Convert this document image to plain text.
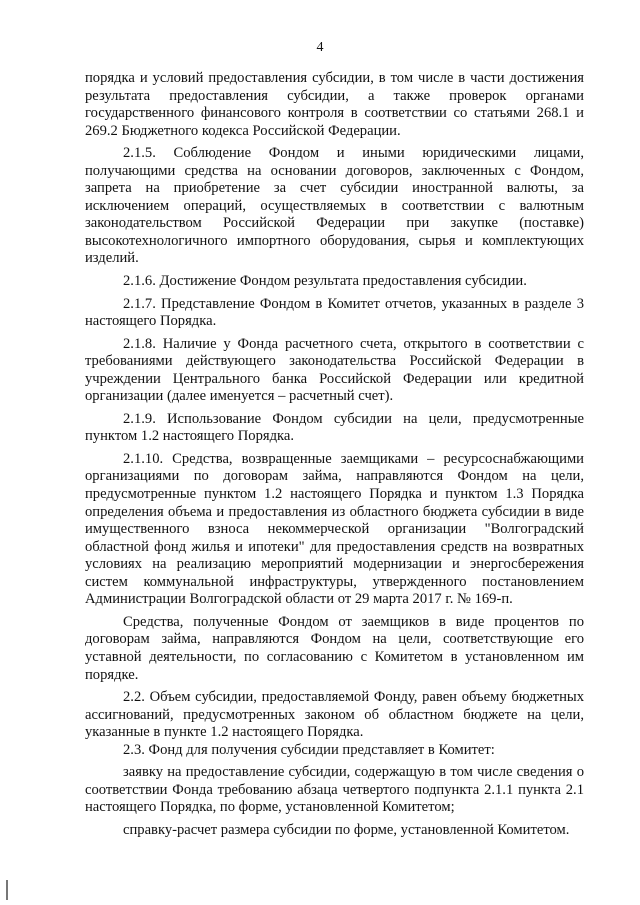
4

порядка и условий предоставления субсидии, в том числе в части достижения результата предоставления субсидии, а также проверок органами государственного финансового контроля в соответствии со статьями 268.1 и 269.2 Бюджетного кодекса Российской Федерации.

2.1.5. Соблюдение Фондом и иными юридическими лицами, получающими средства на основании договоров, заключенных с Фондом, запрета на приобретение за счет субсидии иностранной валюты, за исключением операций, осуществляемых в соответствии с валютным законодательством Российской Федерации при закупке (поставке) высокотехнологичного импортного оборудования, сырья и комплектующих изделий.

2.1.6. Достижение Фондом результата предоставления субсидии.

2.1.7. Представление Фондом в Комитет отчетов, указанных в разделе 3 настоящего Порядка.

2.1.8. Наличие у Фонда расчетного счета, открытого в соответствии с требованиями действующего законодательства Российской Федерации в учреждении Центрального банка Российской Федерации или кредитной организации (далее именуется – расчетный счет).

2.1.9. Использование Фондом субсидии на цели, предусмотренные пунктом 1.2 настоящего Порядка.

2.1.10. Средства, возвращенные заемщиками – ресурсоснабжающими организациями по договорам займа, направляются Фондом на цели, предусмотренные пунктом 1.2 настоящего Порядка и пунктом 1.3 Порядка определения объема и предоставления из областного бюджета субсидии в виде имущественного взноса некоммерческой организации "Волгоградский областной фонд жилья и ипотеки" для предоставления средств на возвратных условиях на реализацию мероприятий модернизации и энергосбережения систем коммунальной инфраструктуры, утвержденного постановлением Администрации Волгоградской области от 29 марта 2017 г. № 169-п.

Средства, полученные Фондом от заемщиков в виде процентов по договорам займа, направляются Фондом на цели, соответствующие его уставной деятельности, по согласованию с Комитетом в установленном им порядке.

2.2. Объем субсидии, предоставляемой Фонду, равен объему бюджетных ассигнований, предусмотренных законом об областном бюджете на цели, указанные в пункте 1.2 настоящего Порядка.

2.3. Фонд для получения субсидии представляет в Комитет:

заявку на предоставление субсидии, содержащую в том числе сведения о соответствии Фонда требованию абзаца четвертого подпункта 2.1.1 пункта 2.1 настоящего Порядка, по форме, установленной Комитетом;

справку-расчет размера субсидии по форме, установленной Комитетом.
